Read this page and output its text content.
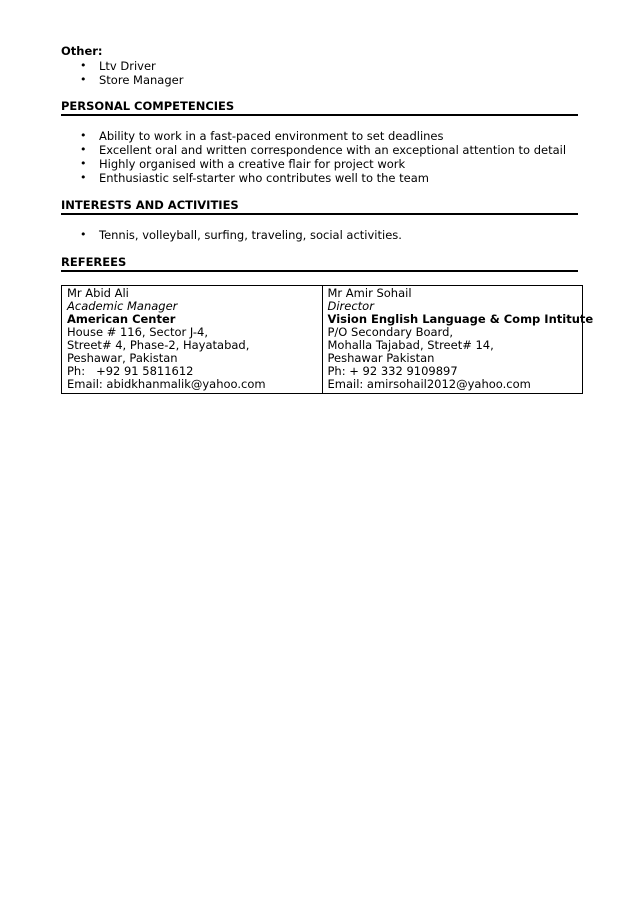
Other:

• Ltv Driver
• Store Manager

PERSONAL COMPETENCIES

• Ability to work in a fast-paced environment to set deadlines
• Excellent oral and written correspondence with an exceptional attention to detail
• Highly organised with a creative flair for project work
• Enthusiastic self-starter who contributes well to the team

INTERESTS AND ACTIVITIES

• Tennis, volleyball, surfing, traveling, social activities.

REFEREES

Mr Abid Ali
Academic Manager
American Center
House # 116, Sector J-4,
Street# 4, Phase-2, Hayatabad,
Peshawar, Pakistan
Ph:   +92 91 5811612
Email: abidkhanmalik@yahoo.com

Mr Amir Sohail
Director
Vision English Language & Comp Intitute
P/O Secondary Board,
Mohalla Tajabad, Street# 14,
Peshawar Pakistan
Ph: + 92 332 9109897
Email: amirsohail2012@yahoo.com
